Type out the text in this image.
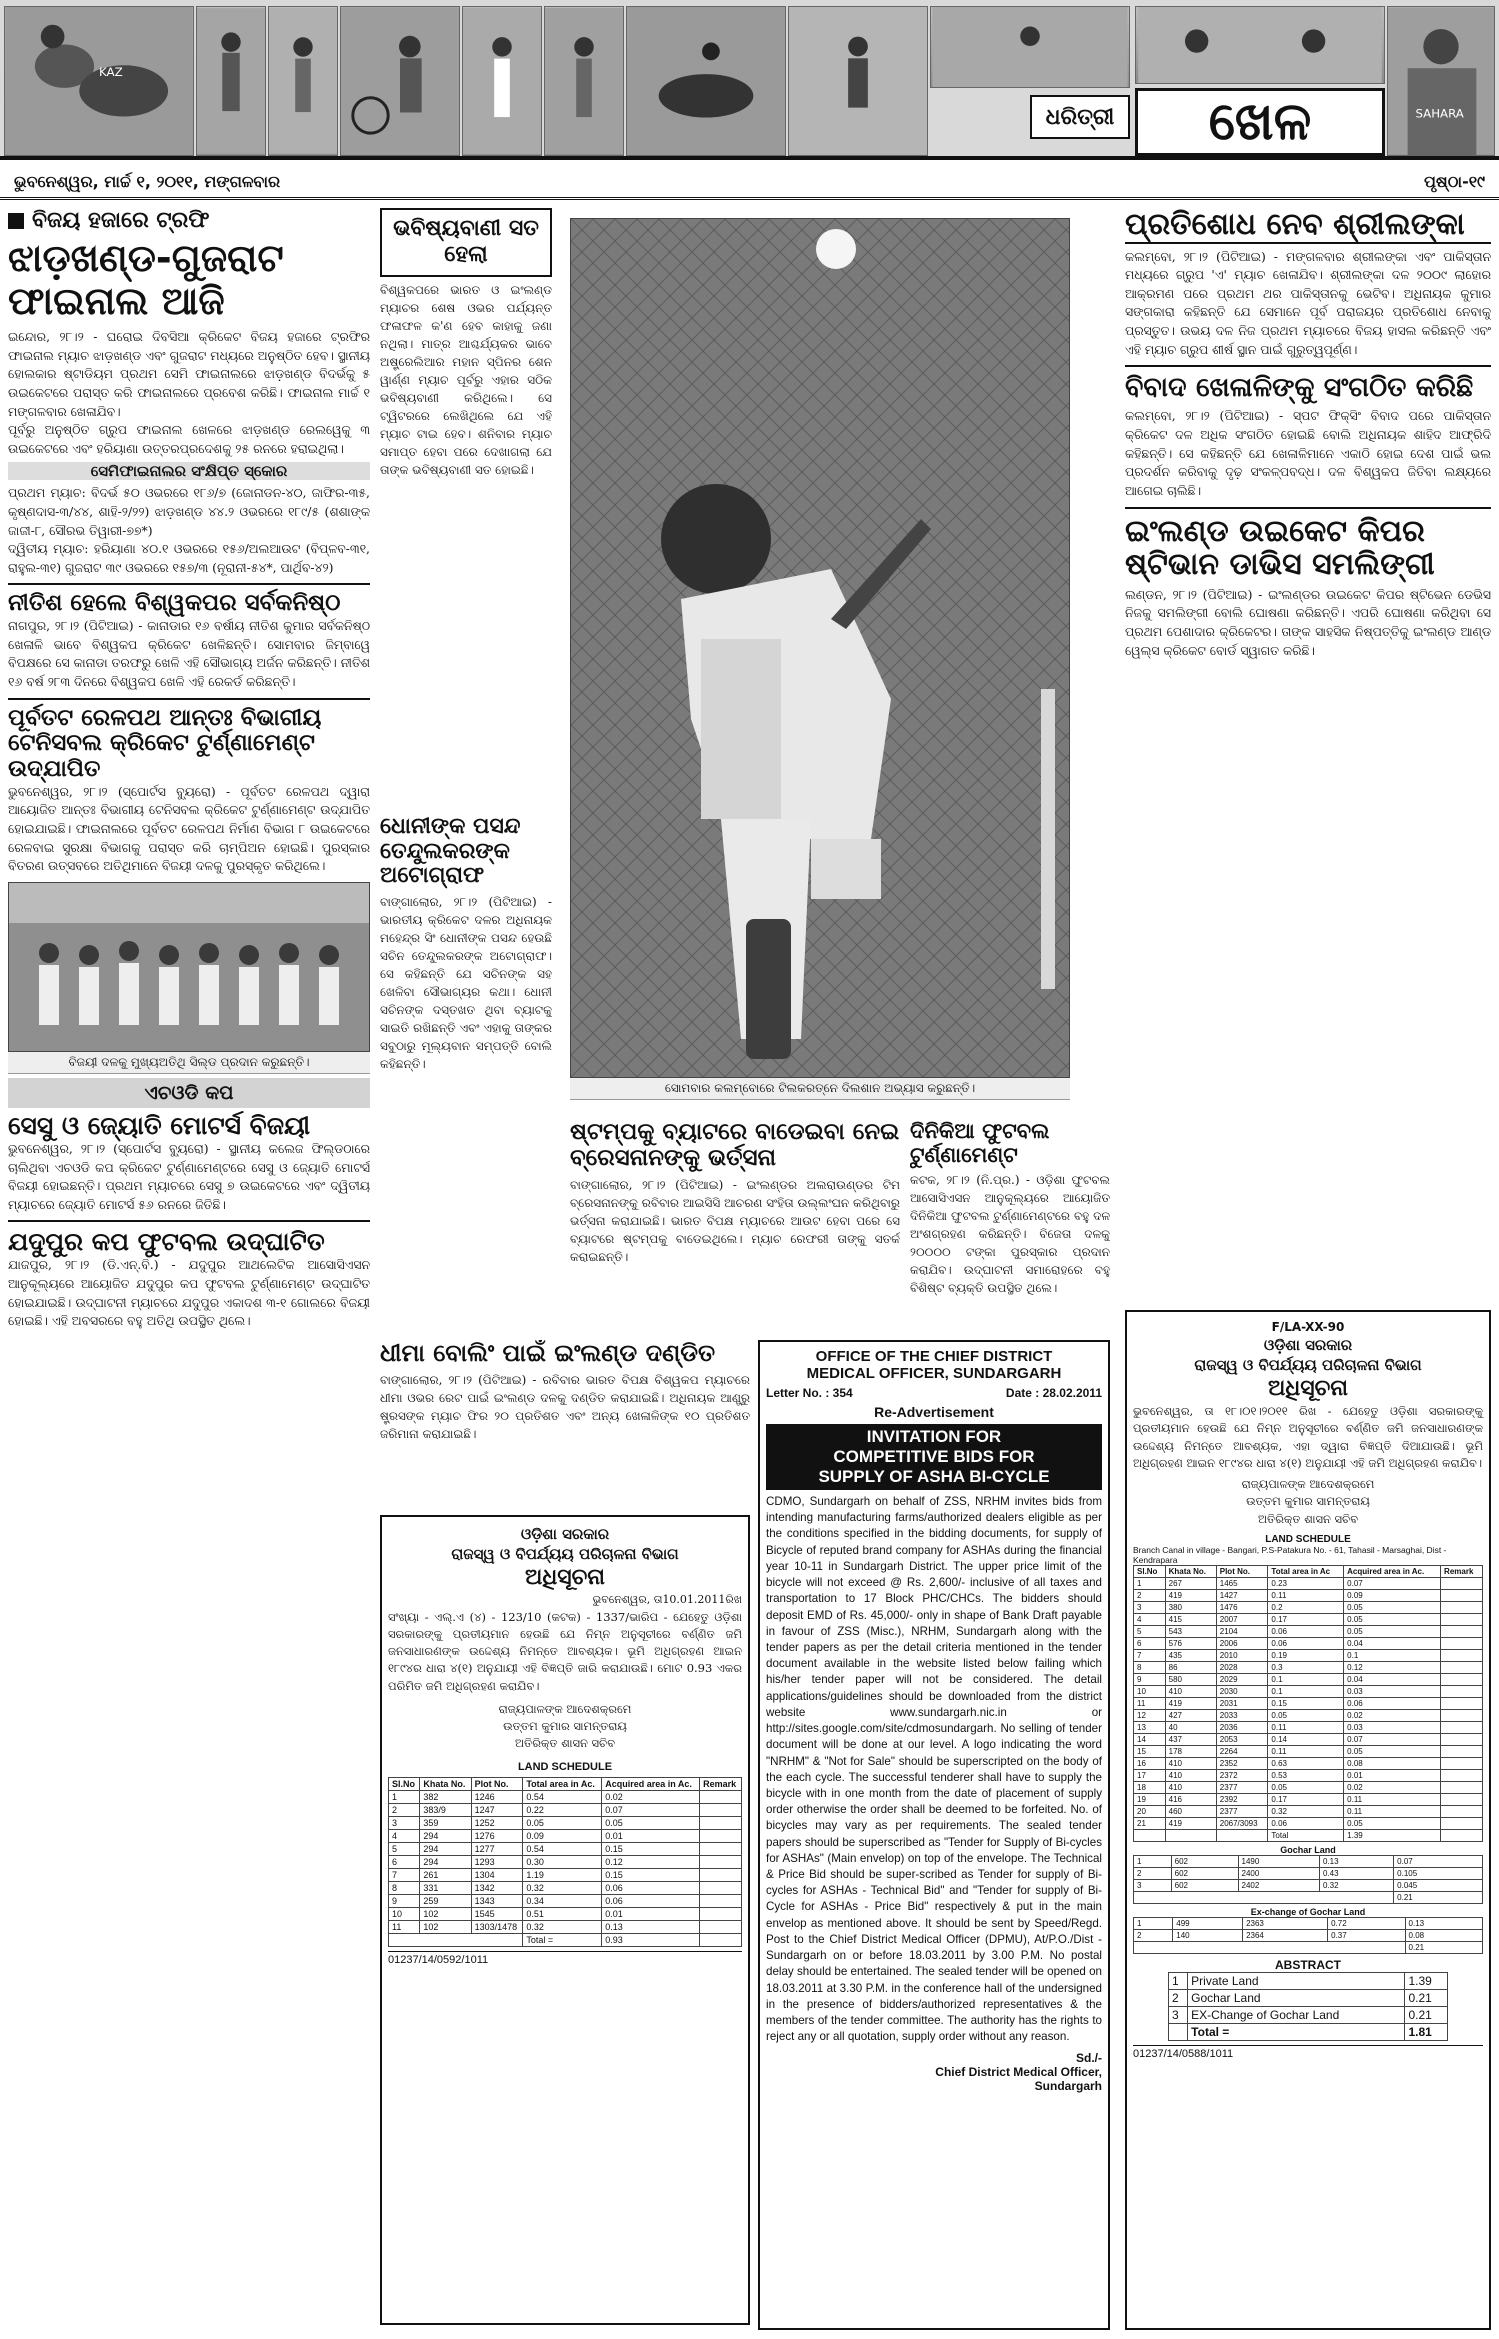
KAZ
SAHARA
ଧରିତ୍ରୀ	ଖେଳ
ଭୁବନେଶ୍ୱର, ମାର୍ଚ୍ଚ ୧, ୨୦୧୧, ମଙ୍ଗଳବାର	ପୃଷ୍ଠା-୧୯
ବିଜୟ ହଜାରେ ଟ୍ରଫି
ଝାଡ଼ଖଣ୍ଡ-ଗୁଜରାଟ ଫାଇନାଲ ଆଜି

ଇନ୍ଦୋର, ୨୮।୨ - ଘରୋଇ ଦିବସିଆ କ୍ରିକେଟ ବିଜୟ ହଜାରେ ଟ୍ରଫିର ଫାଇନାଲ ମ୍ୟାଚ ଝାଡ଼ଖଣ୍ଡ ଏବଂ ଗୁଜରାଟ ମଧ୍ୟରେ ଅନୁଷ୍ଠିତ ହେବ। ସ୍ଥାନୀୟ ହୋଲକାର ଷ୍ଟାଡିୟମ ପ୍ରଥମ ସେମି ଫାଇନାଲରେ ଝାଡ଼ଖଣ୍ଡ ବିଦର୍ଭକୁ ୫ ଉଇକେଟରେ ପରାସ୍ତ କରି ଫାଇନାଲରେ ପ୍ରବେଶ କରିଛି। ଫାଇନାଲ ମାର୍ଚ୍ଚ ୧ ମଙ୍ଗଳବାର ଖେଳାଯିବ।

ପୂର୍ବରୁ ଅନୁଷ୍ଠିତ ଗ୍ରୁପ ଫାଇନାଲ ଖେଳରେ ଝାଡ଼ଖଣ୍ଡ ରେଲୱେକୁ ୩ ଉଇକେଟରେ ଏବଂ ହରିୟାଣା ଉତ୍ତରପ୍ରଦେଶକୁ ୨୫ ରନରେ ହରାଇଥିଲା।

ସେମିଫାଇନାଲର ସଂକ୍ଷିପ୍ତ ସ୍କୋର

ପ୍ରଥମ ମ୍ୟାଚ: ବିଦର୍ଭ ୫୦ ଓଭରରେ ୧୮୬/୭ (ଜୋନାଡନ-୪୦, ଜାଫିର-୩୫, କୃଷ୍ଣଦାସ-୩/୪୪, ଶାହି-୨/୨୨) ଝାଡ଼ଖଣ୍ଡ ୪୪.୨ ଓଭରରେ ୧୮୯/୫ (ଶଶାଙ୍କ ଜାଜୀ-୮, ସୌରଭ ତିୱାରୀ-୭୭*)

ଦ୍ୱିତୀୟ ମ୍ୟାଚ: ହରିୟାଣା ୪୦.୧ ଓଭରରେ ୧୫୬/ଅଲଆଉଟ (ବିପ୍ଳବ-୩୧, ରାହୁଲ-୩୧) ଗୁଜରାଟ ୩୯ ଓଭରରେ ୧୫୭/୩ (ନୂରାନୀ-୫୪*, ପାର୍ଥିବ-୪୨)

ନୀତିଶ ହେଲେ ବିଶ୍ୱକପର ସର୍ବକନିଷ୍ଠ

ନାଗପୁର, ୨୮।୨ (ପିଟିଆଇ) - କାନାଡାର ୧୬ ବର୍ଷୀୟ ନୀତିଶ କୁମାର ସର୍ବକନିଷ୍ଠ ଖେଳାଳି ଭାବେ ବିଶ୍ୱକପ କ୍ରିକେଟ ଖେଳିଛନ୍ତି। ସୋମବାର ଜିମ୍ବାୱେ ବିପକ୍ଷରେ ସେ କାନାଡା ତରଫରୁ ଖେଳି ଏହି ସୌଭାଗ୍ୟ ଅର୍ଜନ କରିଛନ୍ତି। ନୀତିଶ ୧୬ ବର୍ଷ ୨୮୩ ଦିନରେ ବିଶ୍ୱକପ ଖେଳି ଏହି ରେକର୍ଡ କରିଛନ୍ତି।

ପୂର୍ବତଟ ରେଳପଥ ଆନ୍ତଃ ବିଭାଗୀୟ ଟେନିସବଲ କ୍ରିକେଟ ଟୁର୍ଣ୍ଣାମେଣ୍ଟ ଉଦ୍‌ଯାପିତ

ଭୁବନେଶ୍ୱର, ୨୮।୨ (ସ୍ପୋର୍ଟସ ବ୍ୟୁରୋ) - ପୂର୍ବତଟ ରେଳପଥ ଦ୍ୱାରା ଆୟୋଜିତ ଆନ୍ତଃ ବିଭାଗୀୟ ଟେନିସବଲ କ୍ରିକେଟ ଟୁର୍ଣ୍ଣାମେଣ୍ଟ ଉଦ୍‌ଯାପିତ ହୋଇଯାଇଛି। ଫାଇନାଲରେ ପୂର୍ବତଟ ରେଳପଥ ନିର୍ମାଣ ବିଭାଗ ୮ ଉଇକେଟରେ ରେଳବାଇ ସୁରକ୍ଷା ବିଭାଗକୁ ପରାସ୍ତ କରି ଚାମ୍ପିଅନ ହୋଇଛି। ପୁରସ୍କାର ବିତରଣ ଉତ୍ସବରେ ଅତିଥିମାନେ ବିଜୟୀ ଦଳକୁ ପୁରସ୍କୃତ କରିଥିଲେ।

ବିଜୟୀ ଦଳକୁ ମୁଖ୍ୟଅତିଥି ସିଲ୍ଡ ପ୍ରଦାନ କରୁଛନ୍ତି।
ଏଚଓଡି କପ
ସେସୁ ଓ ଜ୍ୟୋତି ମୋଟର୍ସ ବିଜୟୀ

ଭୁବନେଶ୍ୱର, ୨୮।୨ (ସ୍ପୋର୍ଟସ ବ୍ୟୁରୋ) - ସ୍ଥାନୀୟ କଲେଜ ଫିଲ୍ଡଠାରେ ଚାଲିଥିବା ଏଚଓଡି କପ କ୍ରିକେଟ ଟୁର୍ଣ୍ଣାମେଣ୍ଟରେ ସେସୁ ଓ ଜ୍ୟୋତି ମୋଟର୍ସ ବିଜୟୀ ହୋଇଛନ୍ତି। ପ୍ରଥମ ମ୍ୟାଚରେ ସେସୁ ୭ ଉଇକେଟରେ ଏବଂ ଦ୍ୱିତୀୟ ମ୍ୟାଚରେ ଜ୍ୟୋତି ମୋଟର୍ସ ୫୬ ରନରେ ଜିତିଛି।

ଯଦୁପୁର କପ ଫୁଟବଲ ଉଦ୍‌ଘାଟିତ

ଯାଜପୁର, ୨୮।୨ (ଡି.ଏନ୍.ବି.) - ଯଦୁପୁର ଆଥଲେଟିକ ଆସୋସିଏସନ ଆନୁକୂଲ୍ୟରେ ଆୟୋଜିତ ଯଦୁପୁର କପ ଫୁଟବଲ ଟୁର୍ଣ୍ଣାମେଣ୍ଟ ଉଦ୍‌ଘାଟିତ ହୋଇଯାଇଛି। ଉଦ୍‌ଘାଟନୀ ମ୍ୟାଚରେ ଯଦୁପୁର ଏକାଦଶ ୩-୧ ଗୋଲରେ ବିଜୟୀ ହୋଇଛି। ଏହି ଅବସରରେ ବହୁ ଅତିଥି ଉପସ୍ଥିତ ଥିଲେ।

ଭବିଷ୍ୟବାଣୀ ସତ ହେଲା

ବିଶ୍ୱକପରେ ଭାରତ ଓ ଇଂଲଣ୍ଡ ମ୍ୟାଚର ଶେଷ ଓଭର ପର୍ଯ୍ୟନ୍ତ ଫଳାଫଳ କ'ଣ ହେବ କାହାକୁ ଜଣା ନଥିଲା। ମାତ୍ର ଆଶ୍ଚର୍ଯ୍ୟକର ଭାବେ ଅଷ୍ଟ୍ରେଲିଆର ମହାନ ସ୍ପିନର ଶେନ ୱାର୍ଣ୍ଣ ମ୍ୟାଚ ପୂର୍ବରୁ ଏହାର ସଠିକ ଭବିଷ୍ୟବାଣୀ କରିଥିଲେ। ସେ ଟ୍ୱିଟରରେ ଲେଖିଥିଲେ ଯେ ଏହି ମ୍ୟାଚ ଟାଇ ହେବ। ଶନିବାର ମ୍ୟାଚ ସମାପ୍ତ ହେବା ପରେ ଦେଖାଗଲା ଯେ ତାଙ୍କ ଭବିଷ୍ୟବାଣୀ ସତ ହୋଇଛି।

ଧୋନୀଙ୍କ ପସନ୍ଦ ତେନ୍ଦୁଲକରଙ୍କ ଅଟୋଗ୍ରାଫ

ବାଙ୍ଗାଲୋର, ୨୮।୨ (ପିଟିଆଇ) - ଭାରତୀୟ କ୍ରିକେଟ ଦଳର ଅଧିନାୟକ ମହେନ୍ଦ୍ର ସିଂ ଧୋନୀଙ୍କ ପସନ୍ଦ ହେଉଛି ସଚିନ ତେନ୍ଦୁଲକରଙ୍କ ଅଟୋଗ୍ରାଫ। ସେ କହିଛନ୍ତି ଯେ ସଚିନଙ୍କ ସହ ଖେଳିବା ସୌଭାଗ୍ୟର କଥା। ଧୋନୀ ସଚିନଙ୍କ ଦସ୍ତଖତ ଥିବା ବ୍ୟାଟକୁ ସାଇତି ରଖିଛନ୍ତି ଏବଂ ଏହାକୁ ତାଙ୍କର ସବୁଠାରୁ ମୂଲ୍ୟବାନ ସମ୍ପତ୍ତି ବୋଲି କହିଛନ୍ତି।

ସୋମବାର କଲମ୍ବୋରେ ଟିଲକରତ୍ନେ ଦିଲଶାନ ଅଭ୍ୟାସ କରୁଛନ୍ତି।
ଷ୍ଟମ୍ପକୁ ବ୍ୟାଟରେ ବାଡେଇବା ନେଇ ବ୍ରେସନାନଙ୍କୁ ଭର୍ତ୍ସନା

ବାଙ୍ଗାଲୋର, ୨୮।୨ (ପିଟିଆଇ) - ଇଂଲଣ୍ଡର ଅଲରାଉଣ୍ଡର ଟିମ ବ୍ରେସନାନଙ୍କୁ ରବିବାର ଆଇସିସି ଆଚରଣ ସଂହିତା ଉଲ୍ଲଂଘନ କରିଥିବାରୁ ଭର୍ତ୍ସନା କରାଯାଇଛି। ଭାରତ ବିପକ୍ଷ ମ୍ୟାଚରେ ଆଉଟ ହେବା ପରେ ସେ ବ୍ୟାଟରେ ଷ୍ଟମ୍ପକୁ ବାଡେଇଥିଲେ। ମ୍ୟାଚ ରେଫରୀ ତାଙ୍କୁ ସତର୍କ କରାଇଛନ୍ତି।

ଦିନିକିଆ ଫୁଟବଲ ଟୁର୍ଣ୍ଣାମେଣ୍ଟ

କଟକ, ୨୮।୨ (ନି.ପ୍ର.) - ଓଡ଼ିଶା ଫୁଟବଲ ଆସୋସିଏସନ ଆନୁକୂଲ୍ୟରେ ଆୟୋଜିତ ଦିନିକିଆ ଫୁଟବଲ ଟୁର୍ଣ୍ଣାମେଣ୍ଟରେ ବହୁ ଦଳ ଅଂଶଗ୍ରହଣ କରିଛନ୍ତି। ବିଜେତା ଦଳକୁ ୨୦୦୦୦ ଟଙ୍କା ପୁରସ୍କାର ପ୍ରଦାନ କରାଯିବ। ଉଦ୍‌ଘାଟନୀ ସମାରୋହରେ ବହୁ ବିଶିଷ୍ଟ ବ୍ୟକ୍ତି ଉପସ୍ଥିତ ଥିଲେ।

ଧୀମା ବୋଲିଂ ପାଇଁ ଇଂଲଣ୍ଡ ଦଣ୍ଡିତ

ବାଙ୍ଗାଲୋର, ୨୮।୨ (ପିଟିଆଇ) - ରବିବାର ଭାରତ ବିପକ୍ଷ ବିଶ୍ୱକପ ମ୍ୟାଚରେ ଧୀମା ଓଭର ରେଟ ପାଇଁ ଇଂଲଣ୍ଡ ଦଳକୁ ଦଣ୍ଡିତ କରାଯାଇଛି। ଅଧିନାୟକ ଆଣ୍ଡ୍ରୁ ଷ୍ଟ୍ରସଙ୍କ ମ୍ୟାଚ ଫିର ୨୦ ପ୍ରତିଶତ ଏବଂ ଅନ୍ୟ ଖେଳାଳିଙ୍କ ୧୦ ପ୍ରତିଶତ ଜରିମାନା କରାଯାଇଛି।

ଓଡ଼ିଶା ସରକାର
ରାଜସ୍ୱ ଓ ବିପର୍ଯ୍ୟୟ ପରିଚାଳନା ବିଭାଗ
ଅଧିସୂଚନା

ଭୁବନେଶ୍ୱର, ତା10.01.2011ରିଖ

ସଂଖ୍ୟା - ଏଲ୍.ଏ (୪) - 123/10 (କଟକ) - 1337/ଭାରିପ - ଯେହେତୁ ଓଡ଼ିଶା ସରକାରଙ୍କୁ ପ୍ରତୀୟମାନ ହେଉଛି ଯେ ନିମ୍ନ ଅନୁସୂଚୀରେ ବର୍ଣ୍ଣିତ ଜମି ଜନସାଧାରଣଙ୍କ ଉଦ୍ଦେଶ୍ୟ ନିମନ୍ତେ ଆବଶ୍ୟକ। ଭୂମି ଅଧିଗ୍ରହଣ ଆଇନ ୧୮୯୪ର ଧାରା ୪(୧) ଅନୁଯାୟୀ ଏହି ବିଜ୍ଞପ୍ତି ଜାରି କରାଯାଉଛି। ମୋଟ 0.93 ଏକର ପରିମିତ ଜମି ଅଧିଗ୍ରହଣ କରାଯିବ।

ରାଜ୍ୟପାଳଙ୍କ ଆଦେଶକ୍ରମେ

ଉତ୍ତମ କୁମାର ସାମନ୍ତରାୟ

ଅତିରିକ୍ତ ଶାସନ ସଚିବ

LAND SCHEDULE

Sl.No	Khata No.	Plot No.	Total area in Ac.	Acquired area in Ac.	Remark
1	382	1246	0.54	0.02	
2	383/9	1247	0.22	0.07	
3	359	1252	0.05	0.05	
4	294	1276	0.09	0.01	
5	294	1277	0.54	0.15	
6	294	1293	0.30	0.12	
7	261	1304	1.19	0.15	
8	331	1342	0.32	0.06	
9	259	1343	0.34	0.06	
10	102	1545	0.51	0.01	
11	102	1303/1478	0.32	0.13	
			Total =	0.93	
01237/14/0592/1011
OFFICE OF THE CHIEF DISTRICT
MEDICAL OFFICER, SUNDARGARH
Letter No. : 354	Date : 28.02.2011
Re-Advertisement
INVITATION FOR
COMPETITIVE BIDS FOR
SUPPLY OF ASHA BI-CYCLE

CDMO, Sundargarh on behalf of ZSS, NRHM invites bids from intending manufacturing farms/authorized dealers eligible as per the conditions specified in the bidding documents, for supply of Bicycle of reputed brand company for ASHAs during the financial year 10-11 in Sundargarh District. The upper price limit of the bicycle will not exceed @ Rs. 2,600/- inclusive of all taxes and transportation to 17 Block PHC/CHCs. The bidders should deposit EMD of Rs. 45,000/- only in shape of Bank Draft payable in favour of ZSS (Misc.), NRHM, Sundargarh along with the tender papers as per the detail criteria mentioned in the tender document available in the website listed below failing which his/her tender paper will not be considered. The detail applications/guidelines should be downloaded from the district website www.sundargarh.nic.in or http://sites.google.com/site/cdmosundargarh. No selling of tender document will be done at our level. A logo indicating the word "NRHM" & "Not for Sale" should be superscripted on the body of the each cycle. The successful tenderer shall have to supply the bicycle with in one month from the date of placement of supply order otherwise the order shall be deemed to be forfeited. No. of bicycles may vary as per requirements. The sealed tender papers should be superscribed as "Tender for Supply of Bi-cycles for ASHAs" (Main envelop) on top of the envelope. The Technical & Price Bid should be super-scribed as Tender for supply of Bi-cycles for ASHAs - Technical Bid" and "Tender for supply of Bi-Cycle for ASHAs - Price Bid" respectively & put in the main envelop as mentioned above. It should be sent by Speed/Regd. Post to the Chief District Medical Officer (DPMU), At/P.O./Dist - Sundargarh on or before 18.03.2011 by 3.00 P.M. No postal delay should be entertained. The sealed tender will be opened on 18.03.2011 at 3.30 P.M. in the conference hall of the undersigned in the presence of bidders/authorized representatives & the members of the tender committee. The authority has the rights to reject any or all quotation, supply order without any reason.

Sd./-
Chief District Medical Officer,
Sundargarh
ପ୍ରତିଶୋଧ ନେବ ଶ୍ରୀଲଙ୍କା

କଲମ୍ବୋ, ୨୮।୨ (ପିଟିଆଇ) - ମଙ୍ଗଳବାର ଶ୍ରୀଲଙ୍କା ଏବଂ ପାକିସ୍ତାନ ମଧ୍ୟରେ ଗ୍ରୁପ 'ଏ' ମ୍ୟାଚ ଖେଳାଯିବ। ଶ୍ରୀଲଙ୍କା ଦଳ ୨୦୦୯ ଲାହୋର ଆକ୍ରମଣ ପରେ ପ୍ରଥମ ଥର ପାକିସ୍ତାନକୁ ଭେଟିବ। ଅଧିନାୟକ କୁମାର ସଙ୍ଗକାରା କହିଛନ୍ତି ଯେ ସେମାନେ ପୂର୍ବ ପରାଜୟର ପ୍ରତିଶୋଧ ନେବାକୁ ପ୍ରସ୍ତୁତ। ଉଭୟ ଦଳ ନିଜ ପ୍ରଥମ ମ୍ୟାଚରେ ବିଜୟ ହାସଲ କରିଛନ୍ତି ଏବଂ ଏହି ମ୍ୟାଚ ଗ୍ରୁପ ଶୀର୍ଷ ସ୍ଥାନ ପାଇଁ ଗୁରୁତ୍ୱପୂର୍ଣ୍ଣ।

ବିବାଦ ଖେଳାଳିଙ୍କୁ ସଂଗଠିତ କରିଛି

କଲମ୍ବୋ, ୨୮।୨ (ପିଟିଆଇ) - ସ୍ପଟ ଫିକ୍ସିଂ ବିବାଦ ପରେ ପାକିସ୍ତାନ କ୍ରିକେଟ ଦଳ ଅଧିକ ସଂଗଠିତ ହୋଇଛି ବୋଲି ଅଧିନାୟକ ଶାହିଦ ଆଫ୍ରିଦି କହିଛନ୍ତି। ସେ କହିଛନ୍ତି ଯେ ଖେଳାଳିମାନେ ଏକାଠି ହୋଇ ଦେଶ ପାଇଁ ଭଲ ପ୍ରଦର୍ଶନ କରିବାକୁ ଦୃଢ଼ ସଂକଳ୍ପବଦ୍ଧ। ଦଳ ବିଶ୍ୱକପ ଜିତିବା ଲକ୍ଷ୍ୟରେ ଆଗେଇ ଚାଲିଛି।

ଇଂଲଣ୍ଡ ଉଇକେଟ କିପର ଷ୍ଟିଭାନ ଡାଭିସ ସମଲିଙ୍ଗୀ

ଲଣ୍ଡନ, ୨୮।୨ (ପିଟିଆଇ) - ଇଂଲଣ୍ଡର ଉଇକେଟ କିପର ଷ୍ଟିଭେନ ଡେଭିସ ନିଜକୁ ସମଲିଙ୍ଗୀ ବୋଲି ଘୋଷଣା କରିଛନ୍ତି। ଏପରି ଘୋଷଣା କରିଥିବା ସେ ପ୍ରଥମ ପେଶାଦାର କ୍ରିକେଟର। ତାଙ୍କ ସାହସିକ ନିଷ୍ପତ୍ତିକୁ ଇଂଲଣ୍ଡ ଆଣ୍ଡ ୱେଲ୍ସ କ୍ରିକେଟ ବୋର୍ଡ ସ୍ୱାଗତ କରିଛି।

F/LA-XX-90
ଓଡ଼ିଶା ସରକାର
ରାଜସ୍ୱ ଓ ବିପର୍ଯ୍ୟୟ ପରିଚାଳନା ବିଭାଗ
ଅଧିସୂଚନା

ଭୁବନେଶ୍ୱର, ତା ୧୮।୦୧।୨୦୧୧ ରିଖ - ଯେହେତୁ ଓଡ଼ିଶା ସରକାରଙ୍କୁ ପ୍ରତୀୟମାନ ହେଉଛି ଯେ ନିମ୍ନ ଅନୁସୂଚୀରେ ବର୍ଣ୍ଣିତ ଜମି ଜନସାଧାରଣଙ୍କ ଉଦ୍ଦେଶ୍ୟ ନିମନ୍ତେ ଆବଶ୍ୟକ, ଏହା ଦ୍ୱାରା ବିଜ୍ଞପ୍ତି ଦିଆଯାଉଛି। ଭୂମି ଅଧିଗ୍ରହଣ ଆଇନ ୧୮୯୪ର ଧାରା ୪(୧) ଅନୁଯାୟୀ ଏହି ଜମି ଅଧିଗ୍ରହଣ କରାଯିବ।

ରାଜ୍ୟପାଳଙ୍କ ଆଦେଶକ୍ରମେ

ଉତ୍ତମ କୁମାର ସାମନ୍ତରାୟ

ଅତିରିକ୍ତ ଶାସନ ସଚିବ

LAND SCHEDULE

Branch Canal in village - Bangari, P.S-Patakura No. - 61, Tahasil - Marsaghai, Dist - Kendrapara

Sl.No	Khata No.	Plot No.	Total area in Ac	Acquired area in Ac.	Remark
1	267	1465	0.23	0.07	
2	419	1427	0.11	0.09	
3	380	1476	0.2	0.05	
4	415	2007	0.17	0.05	
5	543	2104	0.06	0.05	
6	576	2006	0.06	0.04	
7	435	2010	0.19	0.1	
8	86	2028	0.3	0.12	
9	580	2029	0.1	0.04	
10	410	2030	0.1	0.03	
11	419	2031	0.15	0.06	
12	427	2033	0.05	0.02	
13	40	2036	0.11	0.03	
14	437	2053	0.14	0.07	
15	178	2264	0.11	0.05	
16	410	2352	0.63	0.08	
17	410	2372	0.53	0.01	
18	410	2377	0.05	0.02	
19	416	2392	0.17	0.11	
20	460	2377	0.32	0.11	
21	419	2067/3093	0.06	0.05	
			Total	1.39	

Gochar Land

1	602	1490	0.13	0.07
2	602	2400	0.43	0.105
3	602	2402	0.32	0.045
				0.21

Ex-change of Gochar Land

1	499	2363	0.72	0.13
2	140	2364	0.37	0.08
				0.21

ABSTRACT

1	Private Land	1.39
2	Gochar Land	0.21
3	EX-Change of Gochar Land	0.21
	Total =	1.81
01237/14/0588/1011
